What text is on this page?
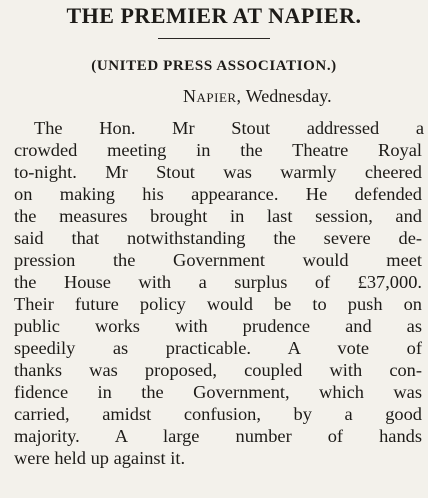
THE PREMIER AT NAPIER.
(UNITED PRESS ASSOCIATION.)
Napier, Wednesday.
The Hon. Mr Stout addressed a
crowded meeting in the Theatre Royal
to-night. Mr Stout was warmly cheered
on making his appearance. He defended
the measures brought in last session, and
said that notwithstanding the severe de-
pression the Government would meet
the House with a surplus of £37,000.
Their future policy would be to push on
public works with prudence and as
speedily as practicable. A vote of
thanks was proposed, coupled with con-
fidence in the Government, which was
carried, amidst confusion, by a good
majority. A large number of hands
were held up against it.
